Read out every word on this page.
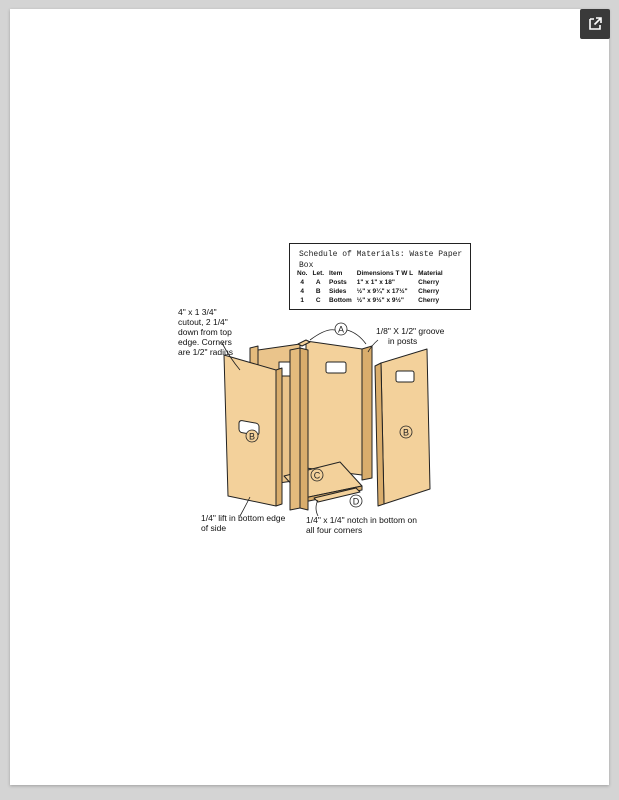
Schedule of Materials: Waste Paper Box
No.	Let.	Item	Dimensions T W L	Material
4	A	Posts	1" x 1" x 18"	Cherry
4	B	Sides	½" x 9¼" x 17½"	Cherry
1	C	Bottom	½" x 9½" x 9½"	Cherry
A
B	B
C
D
4" x 1 3/4"
cutout, 2 1/4"
down from top
edge. Corners
are 1/2" radius
1/8" X 1/2" groove
in posts
1/4" lift in bottom edge
of side
1/4" x 1/4" notch in bottom on
all four corners
